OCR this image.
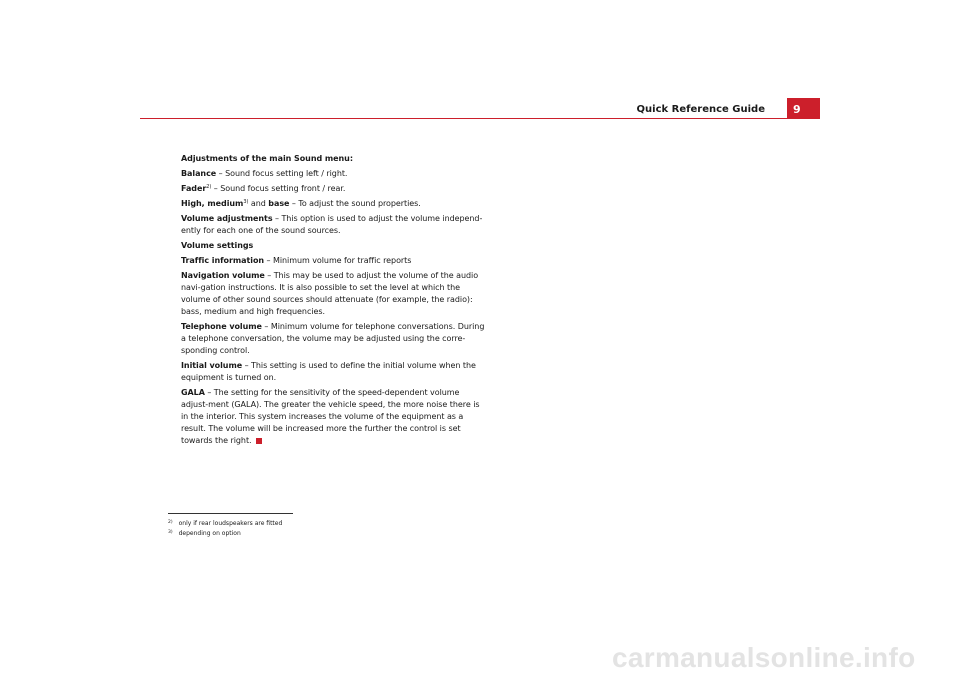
Quick Reference Guide	9

Adjustments of the main Sound menu:

Balance – Sound focus setting left / right.

Fader$^{2)}$ – Sound focus setting front / rear.

High, medium$^{3)}$ and base – To adjust the sound properties.

Volume adjustments – This option is used to adjust the volume independ-ently for each one of the sound sources.

Volume settings

Traffic information – Minimum volume for traffic reports

Navigation volume – This may be used to adjust the volume of the audio navi-gation instructions. It is also possible to set the level at which the volume of other sound sources should attenuate (for example, the radio): bass, medium and high frequencies.

Telephone volume – Minimum volume for telephone conversations. During a telephone conversation, the volume may be adjusted using the corre-sponding control.

Initial volume – This setting is used to define the initial volume when the equipment is turned on.

GALA – The setting for the sensitivity of the speed-dependent volume adjust-ment (GALA). The greater the vehicle speed, the more noise there is in the interior. This system increases the volume of the equipment as a result. The volume will be increased more the further the control is set towards the right.

$^{2)}$ only if rear loudspeakers are fitted
$^{3)}$ depending on option
carmanualsonline.info
